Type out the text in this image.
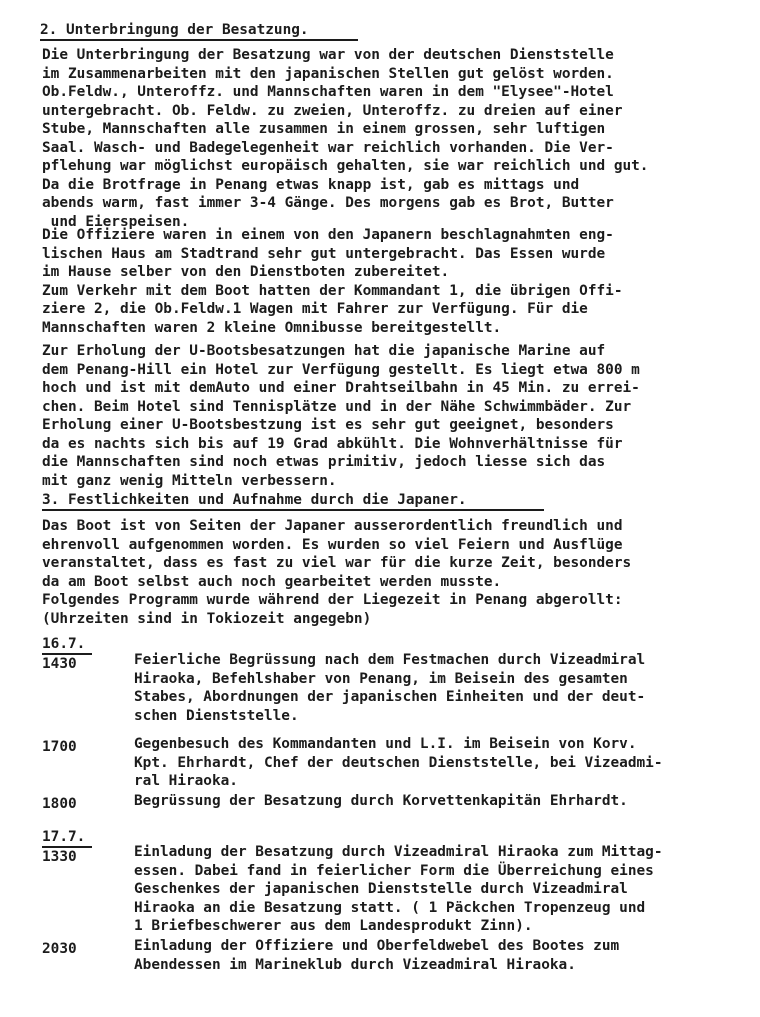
2. Unterbringung der Besatzung.

Die Unterbringung der Besatzung war von der deutschen Dienststelle
im Zusammenarbeiten mit den japanischen Stellen gut gelöst worden.
Ob.Feldw., Unteroffz. und Mannschaften waren in dem "Elysee"-Hotel
untergebracht. Ob. Feldw. zu zweien, Unteroffz. zu dreien auf einer
Stube, Mannschaften alle zusammen in einem grossen, sehr luftigen
Saal. Wasch- und Badegelegenheit war reichlich vorhanden. Die Ver-
pflehung war möglichst europäisch gehalten, sie war reichlich und gut.
Da die Brotfrage in Penang etwas knapp ist, gab es mittags und
abends warm, fast immer 3-4 Gänge. Des morgens gab es Brot, Butter
und Eierspeisen.

Die Offiziere waren in einem von den Japanern beschlagnahmten eng-
lischen Haus am Stadtrand sehr gut untergebracht. Das Essen wurde
im Hause selber von den Dienstboten zubereitet.
Zum Verkehr mit dem Boot hatten der Kommandant 1, die übrigen Offi-
ziere 2, die Ob.Feldw.1 Wagen mit Fahrer zur Verfügung. Für die
Mannschaften waren 2 kleine Omnibusse bereitgestellt.

Zur Erholung der U-Bootsbesatzungen hat die japanische Marine auf
dem Penang-Hill ein Hotel zur Verfügung gestellt. Es liegt etwa 800 m
hoch und ist mit demAuto und einer Drahtseilbahn in 45 Min. zu errei-
chen. Beim Hotel sind Tennisplätze und in der Nähe Schwimmbäder. Zur
Erholung einer U-Bootsbestzung ist es sehr gut geeignet, besonders
da es nachts sich bis auf 19 Grad abkühlt. Die Wohnverhältnisse für
die Mannschaften sind noch etwas primitiv, jedoch liesse sich das
mit ganz wenig Mitteln verbessern.

3. Festlichkeiten und Aufnahme durch die Japaner.

Das Boot ist von Seiten der Japaner ausserordentlich freundlich und
ehrenvoll aufgenommen worden. Es wurden so viel Feiern und Ausflüge
veranstaltet, dass es fast zu viel war für die kurze Zeit, besonders
da am Boot selbst auch noch gearbeitet werden musste.
Folgendes Programm wurde während der Liegezeit in Penang abgerollt:
(Uhrzeiten sind in Tokiozeit angegebn)

16.7.

1430	Feierliche Begrüssung nach dem Festmachen durch Vizeadmiral
Hiraoka, Befehlshaber von Penang, im Beisein des gesamten
Stabes, Abordnungen der japanischen Einheiten und der deut-
schen Dienststelle.

1700	Gegenbesuch des Kommandanten und L.I. im Beisein von Korv.
Kpt. Ehrhardt, Chef der deutschen Dienststelle, bei Vizeadmi-
ral Hiraoka.

1800	Begrüssung der Besatzung durch Korvettenkapitän Ehrhardt.

17.7.

1330	Einladung der Besatzung durch Vizeadmiral Hiraoka zum Mittag-
essen. Dabei fand in feierlicher Form die Überreichung eines
Geschenkes der japanischen Dienststelle durch Vizeadmiral
Hiraoka an die Besatzung statt. ( 1 Päckchen Tropenzeug und
1 Briefbeschwerer aus dem Landesprodukt Zinn).

2030	Einladung der Offiziere und Oberfeldwebel des Bootes zum
Abendessen im Marineklub durch Vizeadmiral Hiraoka.
